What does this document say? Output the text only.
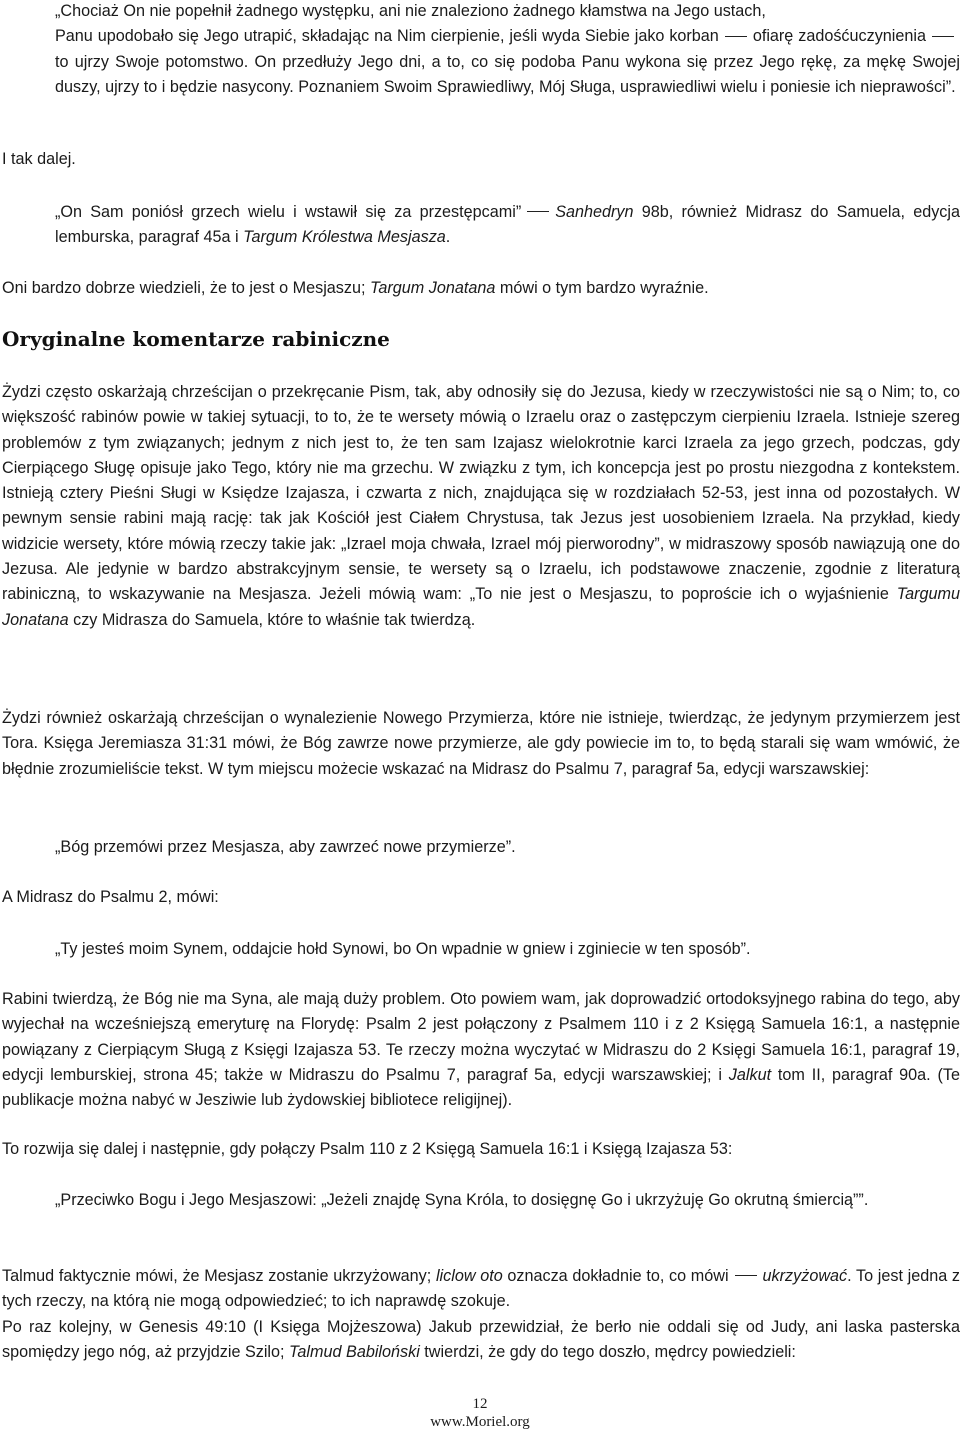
„Chociaż On nie popełnił żadnego występku, ani nie znaleziono żadnego kłamstwa na Jego ustach,
Panu upodobało się Jego utrapić, składając na Nim cierpienie, jeśli wyda Siebie jako korban ofiarę zadośćuczynieniato ujrzy Swoje potomstwo. On przedłuży Jego dni, a to, co się podoba Panu wykona się przez Jego rękę, za mękę Swojej duszy, ujrzy to i będzie nasycony. Poznaniem Swoim Sprawiedliwy, Mój Sługa, usprawiedliwi wielu i poniesie ich nieprawości”.

I tak dalej.

„On Sam poniósł grzech wielu i wstawił się za przestępcami” Sanhedryn 98b, również Midrasz do Samuela, edycja lemburska, paragraf 45a i Targum Królestwa Mesjasza.

Oni bardzo dobrze wiedzieli, że to jest o Mesjaszu; Targum Jonatana mówi o tym bardzo wyraźnie.

Oryginalne komentarze rabiniczne

Żydzi często oskarżają chrześcijan o przekręcanie Pism, tak, aby odnosiły się do Jezusa, kiedy w rzeczywistości nie są o Nim; to, co większość rabinów powie w takiej sytuacji, to to, że te wersety mówią o Izraelu oraz o zastępczym cierpieniu Izraela. Istnieje szereg problemów z tym związanych; jednym z nich jest to, że ten sam Izajasz wielokrotnie karci Izraela za jego grzech, podczas, gdy Cierpiącego Sługę opisuje jako Tego, który nie ma grzechu. W związku z tym, ich koncepcja jest po prostu niezgodna z kontekstem. Istnieją cztery Pieśni Sługi w Księdze Izajasza, i czwarta z nich, znajdująca się w rozdziałach 52-53, jest inna od pozostałych. W pewnym sensie rabini mają rację: tak jak Kościół jest Ciałem Chrystusa, tak Jezus jest uosobieniem Izraela. Na przykład, kiedy widzicie wersety, które mówią rzeczy takie jak: „Izrael moja chwała, Izrael mój pierworodny”, w midraszowy sposób nawiązują one do Jezusa. Ale jedynie w bardzo abstrakcyjnym sensie, te wersety są o Izraelu, ich podstawowe znaczenie, zgodnie z literaturą rabiniczną, to wskazywanie na Mesjasza. Jeżeli mówią wam: „To nie jest o Mesjaszu, to poproście ich o wyjaśnienie Targumu Jonatana czy Midrasza do Samuela, które to właśnie tak twierdzą.

Żydzi również oskarżają chrześcijan o wynalezienie Nowego Przymierza, które nie istnieje, twierdząc, że jedynym przymierzem jest Tora. Księga Jeremiasza 31:31 mówi, że Bóg zawrze nowe przymierze, ale gdy powiecie im to, to będą starali się wam wmówić, że błędnie zrozumieliście tekst. W tym miejscu możecie wskazać na Midrasz do Psalmu 7, paragraf 5a, edycji warszawskiej:

„Bóg przemówi przez Mesjasza, aby zawrzeć nowe przymierze”.

A Midrasz do Psalmu 2, mówi:

„Ty jesteś moim Synem, oddajcie hołd Synowi, bo On wpadnie w gniew i zginiecie w ten sposób”.

Rabini twierdzą, że Bóg nie ma Syna, ale mają duży problem. Oto powiem wam, jak doprowadzić ortodoksyjnego rabina do tego, aby wyjechał na wcześniejszą emeryturę na Florydę: Psalm 2 jest połączony z Psalmem 110 i z 2 Księgą Samuela 16:1, a następnie powiązany z Cierpiącym Sługą z Księgi Izajasza 53. Te rzeczy można wyczytać w Midraszu do 2 Księgi Samuela 16:1, paragraf 19, edycji lemburskiej, strona 45; także w Midraszu do Psalmu 7, paragraf 5a, edycji warszawskiej; i Jalkut tom II, paragraf 90a. (Te publikacje można nabyć w Jesziwie lub żydowskiej bibliotece religijnej).

To rozwija się dalej i następnie, gdy połączy Psalm 110 z 2 Księgą Samuela 16:1 i Księgą Izajasza 53:

„Przeciwko Bogu i Jego Mesjaszowi: „Jeżeli znajdę Syna Króla, to dosięgnę Go i ukrzyżuję Go okrutną śmiercią””.

Talmud faktycznie mówi, że Mesjasz zostanie ukrzyżowany; liclow oto oznacza dokładnie to, co mówi ukrzyżować. To jest jedna z tych rzeczy, na którą nie mogą odpowiedzieć; to ich naprawdę szokuje.

Po raz kolejny, w Genesis 49:10 (I Księga Mojżeszowa) Jakub przewidział, że berło nie oddali się od Judy, ani laska pasterska spomiędzy jego nóg, aż przyjdzie Szilo; Talmud Babiloński twierdzi, że gdy do tego doszło, mędrcy powiedzieli:

12

www.Moriel.org
